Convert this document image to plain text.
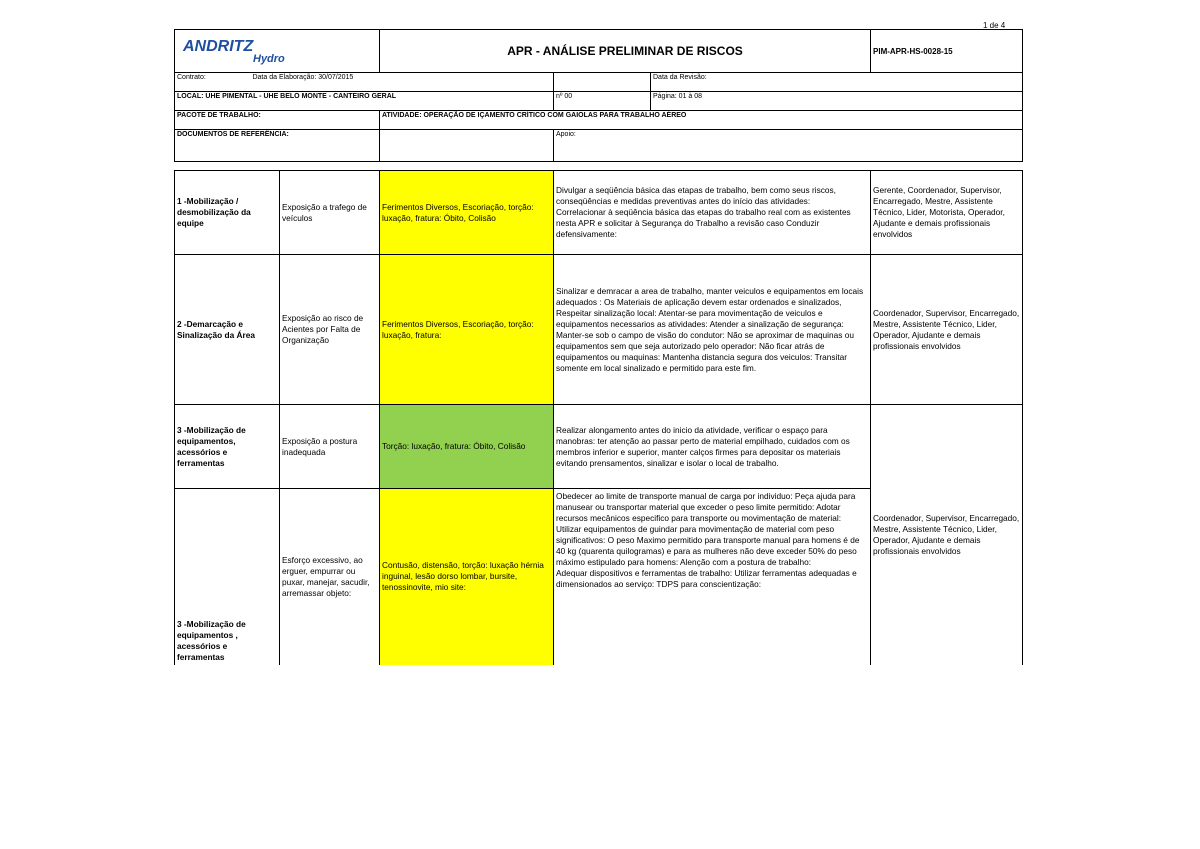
1 de 4
ANDRITZ
Hydro	APR - ANÁLISE PRELIMINAR DE RISCOS			PIM-APR-HS-0028-15
Contrato: Data da Elaboração: 30/07/2015			Data da Revisão:	
LOCAL: UHE PIMENTAL - UHE BELO MONTE - CANTEIRO GERAL		nº 00	Página: 01 à 08	
PACOTE DE TRABALHO:	ATIVIDADE: OPERAÇÃO DE IÇAMENTO CRÍTICO COM GAIOLAS PARA TRABALHO AÉREO			
DOCUMENTOS DE REFERÊNCIA:		Apoio:		
1 -Mobilização / desmobilização da equipe	Exposição a trafego de veículos	Ferimentos Diversos, Escoriação, torção: luxação, fratura: Óbito, Colisão	Divulgar a seqüência básica das etapas de trabalho, bem como seus riscos, conseqüências e medidas preventivas antes do início das atividades:
Correlacionar à seqüência básica das etapas do trabalho real com as existentes nesta APR e solicitar à Segurança do Trabalho a revisão caso Conduzir defensivamente:	Gerente, Coordenador, Supervisor, Encarregado, Mestre, Assistente Técnico, Lider, Motorista, Operador, Ajudante e demais profissionais envolvidos
2 -Demarcação e Sinalização da Área	Exposição ao risco de Acientes por Falta de Organização	Ferimentos Diversos, Escoriação, torção: luxação, fratura:	Sinalizar e demracar a area de trabalho, manter veiculos e equipamentos em locais adequados : Os Materiais de aplicação devem estar ordenados e sinalizados, Respeitar sinalização local: Atentar-se para movimentação de veiculos e equipamentos necessarios as atividades: Atender a sinalização de segurança: Manter-se sob o campo de visão do condutor: Não se aproximar de maquinas ou equipamentos sem que seja autorizado pelo operador: Não ficar atrás de equipamentos ou maquinas: Mantenha distancia segura dos veiculos: Transitar somente em local sinalizado e permitido para este fim.	Coordenador, Supervisor, Encarregado, Mestre, Assistente Técnico, Lider, Operador, Ajudante e demais profissionais envolvidos
3 -Mobilização de equipamentos, acessórios e ferramentas	Exposição a postura inadequada	Torção: luxação, fratura: Óbito, Colisão	Realizar alongamento antes do inicio da atividade, verificar o espaço para manobras: ter atenção ao passar perto de material empilhado, cuidados com os membros inferior e superior, manter calços firmes para depositar os materiais evitando prensamentos, sinalizar e isolar o local de trabalho.	Coordenador, Supervisor, Encarregado, Mestre, Assistente Técnico, Lider, Operador, Ajudante e demais profissionais envolvidos
3 -Mobilização de equipamentos , acessórios e ferramentas	Esforço excessivo, ao erguer, empurrar ou puxar, manejar, sacudir, arremassar objeto:	Contusão, distensão, torção: luxação hérnia inguinal, lesão dorso lombar, bursite, tenossinovite, mio site:	Obedecer ao limite de transporte manual de carga por individuo: Peça ajuda para manusear ou transportar material que exceder o peso limite permitido: Adotar recursos mecânicos especifico para transporte ou movimentação de material: Utilizar equipamentos de guindar para movimentação de material com peso significativos: O peso Maximo permitido para transporte manual para homens é de 40 kg (quarenta quilogramas) e para as mulheres não deve exceder 50% do peso máximo estipulado para homens: Alenção com a postura de trabalho:
Adequar dispositivos e ferramentas de trabalho: Utilizar ferramentas adequadas e dimensionados ao serviço: TDPS para conscientização:	
